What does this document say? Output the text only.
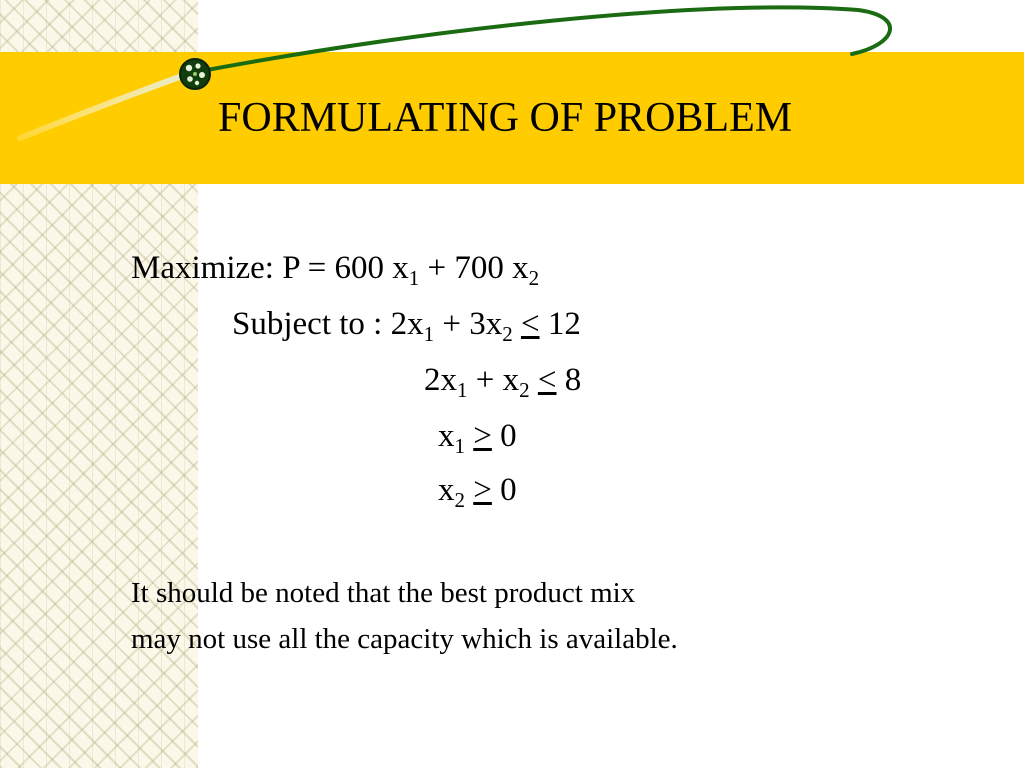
FORMULATING OF PROBLEM
Maximize: P = 600 $x_1 + 700$ $x_2$
Subject to : $2x_1 + 3x_2 \le 12$
$2x_1 + x_2 \le 8$
$x_1 \ge 0$
$x_2 \ge 0$
It should be noted that the best product mix
may not use all the capacity which is available.
